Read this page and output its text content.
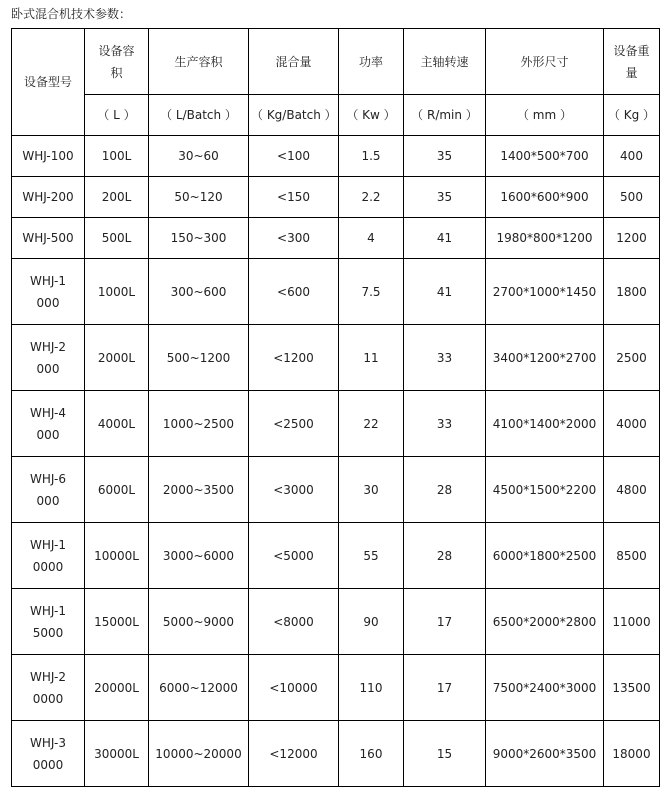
卧式混合机技术参数：
设备型号	设备容积	生产容积	混合量	功率	主轴转速	外形尺寸	设备重量
	（ L ）	（ L/Batch ）	（ Kg/Batch ）	（ Kw ）	（ R/min ）	（ mm ）	（ Kg ）
WHJ-100	100L	30~60	<100	1.5	35	1400*500*700	400
WHJ-200	200L	50~120	<150	2.2	35	1600*600*900	500
WHJ-500	500L	150~300	<300	4	41	1980*800*1200	1200
WHJ-1000	1000L	300~600	<600	7.5	41	2700*1000*1450	1800
WHJ-2000	2000L	500~1200	<1200	11	33	3400*1200*2700	2500
WHJ-4000	4000L	1000~2500	<2500	22	33	4100*1400*2000	4000
WHJ-6000	6000L	2000~3500	<3000	30	28	4500*1500*2200	4800
WHJ-10000	10000L	3000~6000	<5000	55	28	6000*1800*2500	8500
WHJ-15000	15000L	5000~9000	<8000	90	17	6500*2000*2800	11000
WHJ-20000	20000L	6000~12000	<10000	110	17	7500*2400*3000	13500
WHJ-30000	30000L	10000~20000	<12000	160	15	9000*2600*3500	18000
